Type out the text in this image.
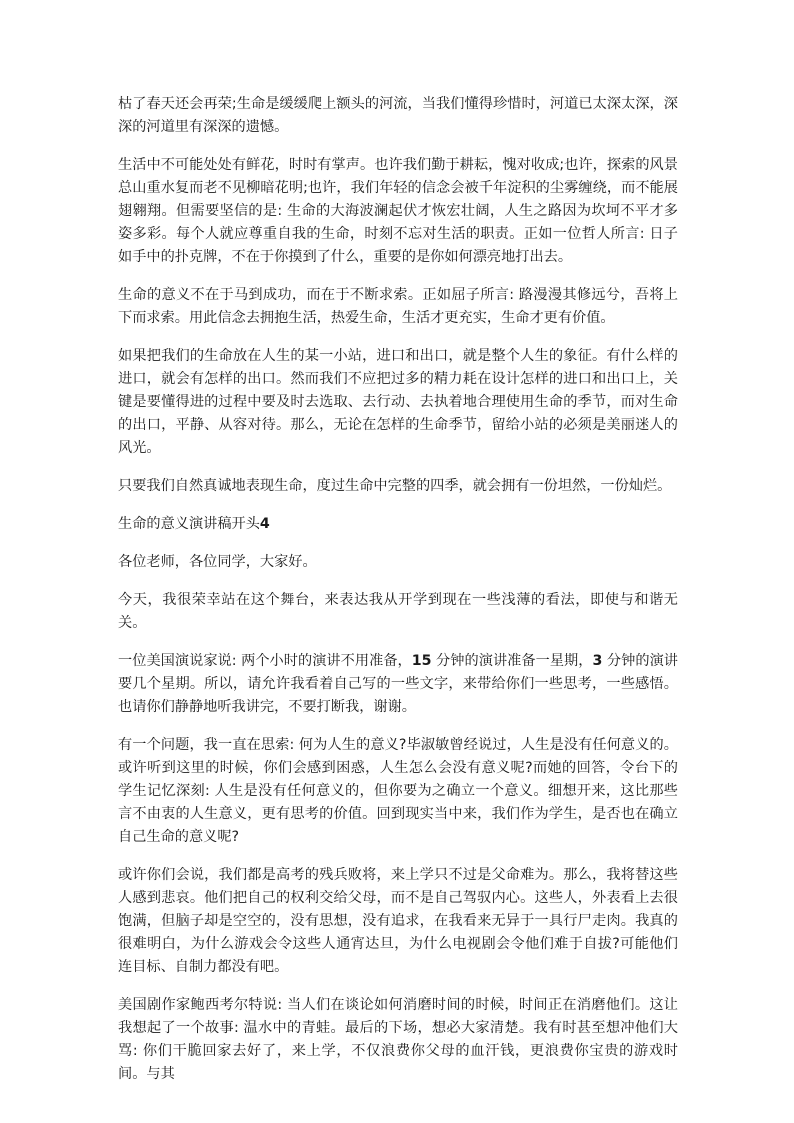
枯了春天还会再荣;生命是缓缓爬上额头的河流，当我们懂得珍惜时，河道已太深太深，深深的河道里有深深的遗憾。

生活中不可能处处有鲜花，时时有掌声。也许我们勤于耕耘，愧对收成;也许，探索的风景总山重水复而老不见柳暗花明;也许，我们年轻的信念会被千年淀积的尘雾缠绕，而不能展翅翱翔。但需要坚信的是: 生命的大海波澜起伏才恢宏壮阔，人生之路因为坎坷不平才多姿多彩。每个人就应尊重自我的生命，时刻不忘对生活的职责。正如一位哲人所言: 日子如手中的扑克牌，不在于你摸到了什么，重要的是你如何漂亮地打出去。

生命的意义不在于马到成功，而在于不断求索。正如屈子所言: 路漫漫其修远兮，吾将上下而求索。用此信念去拥抱生活，热爱生命，生活才更充实，生命才更有价值。

如果把我们的生命放在人生的某一小站，进口和出口，就是整个人生的象征。有什么样的进口，就会有怎样的出口。然而我们不应把过多的精力耗在设计怎样的进口和出口上，关键是要懂得进的过程中要及时去选取、去行动、去执着地合理使用生命的季节，而对生命的出口，平静、从容对待。那么，无论在怎样的生命季节，留给小站的必须是美丽迷人的风光。

只要我们自然真诚地表现生命，度过生命中完整的四季，就会拥有一份坦然，一份灿烂。

生命的意义演讲稿开头4

各位老师，各位同学，大家好。

今天，我很荣幸站在这个舞台，来表达我从开学到现在一些浅薄的看法，即使与和谐无关。

一位美国演说家说: 两个小时的演讲不用准备，15 分钟的演讲准备一星期，3 分钟的演讲要几个星期。所以，请允许我看着自己写的一些文字，来带给你们一些思考，一些感悟。也请你们静静地听我讲完，不要打断我，谢谢。

有一个问题，我一直在思索: 何为人生的意义?毕淑敏曾经说过，人生是没有任何意义的。或许听到这里的时候，你们会感到困惑，人生怎么会没有意义呢?而她的回答，令台下的学生记忆深刻: 人生是没有任何意义的，但你要为之确立一个意义。细想开来，这比那些言不由衷的人生意义，更有思考的价值。回到现实当中来，我们作为学生，是否也在确立自己生命的意义呢?

或许你们会说，我们都是高考的残兵败将，来上学只不过是父命难为。那么，我将替这些人感到悲哀。他们把自己的权利交给父母，而不是自己驾驭内心。这些人，外表看上去很饱满，但脑子却是空空的，没有思想，没有追求，在我看来无异于一具行尸走肉。我真的很难明白，为什么游戏会令这些人通宵达旦，为什么电视剧会令他们难于自拔?可能他们连目标、自制力都没有吧。

美国剧作家鲍西考尔特说: 当人们在谈论如何消磨时间的时候，时间正在消磨他们。这让我想起了一个故事: 温水中的青蛙。最后的下场，想必大家清楚。我有时甚至想冲他们大骂: 你们干脆回家去好了，来上学，不仅浪费你父母的血汗钱，更浪费你宝贵的游戏时间。与其
